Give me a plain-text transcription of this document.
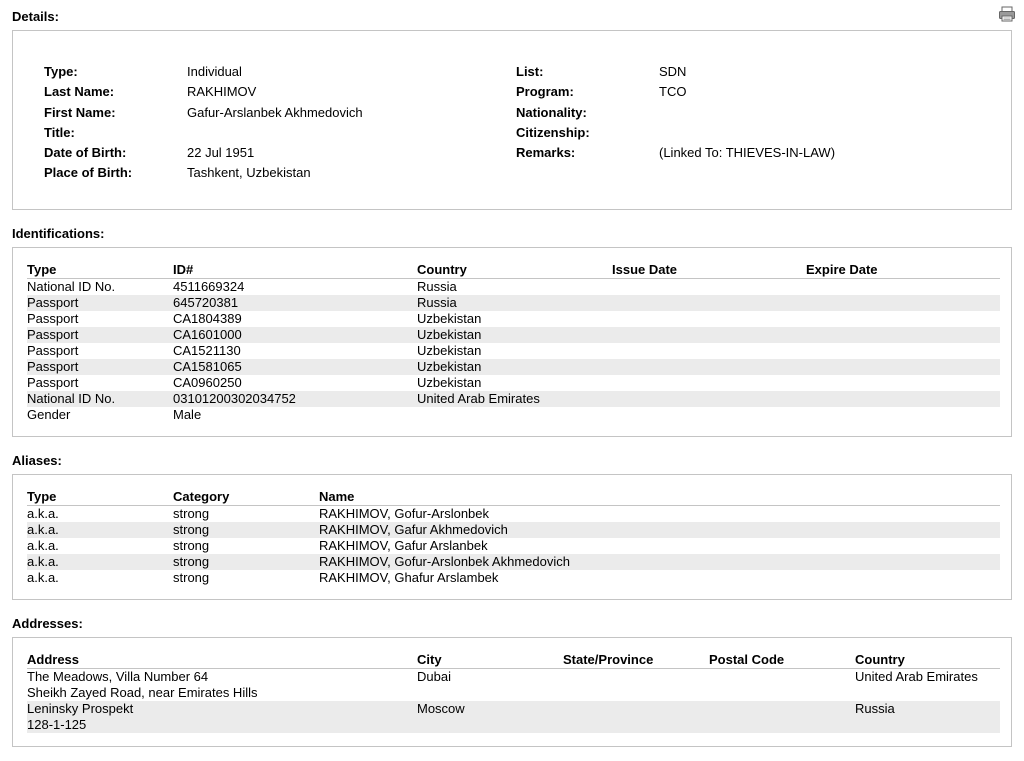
Details:
Type:	Individual
Last Name:	RAKHIMOV
First Name:	Gafur-Arslanbek Akhmedovich
Title:
Date of Birth:	22 Jul 1951
Place of Birth:	Tashkent, Uzbekistan
List:	SDN
Program:	TCO
Nationality:
Citizenship:
Remarks:	(Linked To: THIEVES-IN-LAW)
Identifications:
Type	ID#	Country	Issue Date	Expire Date
National ID No.	4511669324	Russia		
Passport	645720381	Russia		
Passport	CA1804389	Uzbekistan		
Passport	CA1601000	Uzbekistan		
Passport	CA1521130	Uzbekistan		
Passport	CA1581065	Uzbekistan		
Passport	CA0960250	Uzbekistan		
National ID No.	03101200302034752	United Arab Emirates		
Gender	Male			
Aliases:
Type	Category	Name
a.k.a.	strong	RAKHIMOV, Gofur-Arslonbek
a.k.a.	strong	RAKHIMOV, Gafur Akhmedovich
a.k.a.	strong	RAKHIMOV, Gafur Arslanbek
a.k.a.	strong	RAKHIMOV, Gofur-Arslonbek Akhmedovich
a.k.a.	strong	RAKHIMOV, Ghafur Arslambek
Addresses:
Address	City	State/Province	Postal Code	Country

The Meadows, Villa Number 64
Sheikh Zayed Road, near Emirates Hills	Dubai			United Arab Emirates

Leninsky Prospekt
128-1-125	Moscow			Russia
